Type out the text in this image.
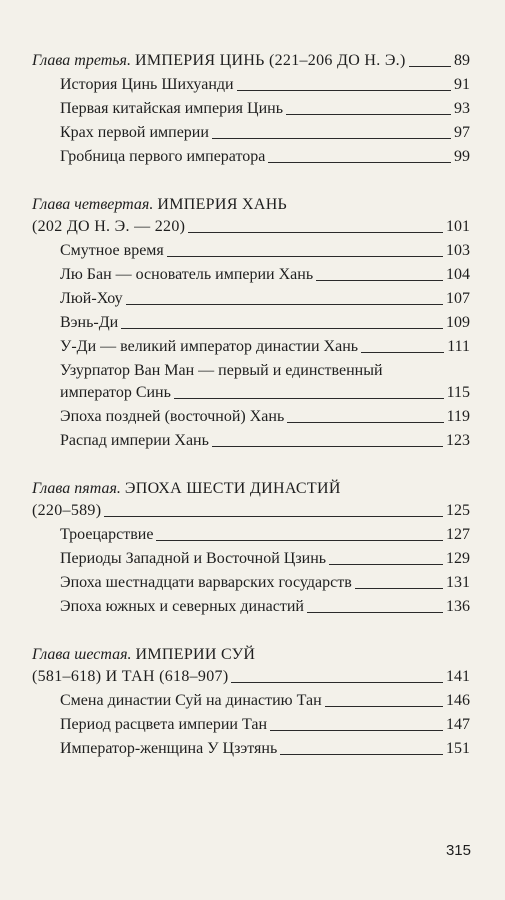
Глава третья. ИМПЕРИЯ ЦИНЬ (221–206 ДО Н. Э.)	89
История Цинь Шихуанди	91
Первая китайская империя Цинь	93
Крах первой империи	97
Гробница первого императора	99
Глава четвертая. ИМПЕРИЯ ХАНЬ
(202 ДО Н. Э. — 220)	101
Смутное время	103
Лю Бан — основатель империи Хань	104
Люй-Хоу	107
Вэнь-Ди	109
У-Ди — великий император династии Хань	111
Узурпатор Ван Ман — первый и единственный
император Синь	115
Эпоха поздней (восточной) Хань	119
Распад империи Хань	123
Глава пятая. ЭПОХА ШЕСТИ ДИНАСТИЙ
(220–589)	125
Троецарствие	127
Периоды Западной и Восточной Цзинь	129
Эпоха шестнадцати варварских государств	131
Эпоха южных и северных династий	136
Глава шестая. ИМПЕРИИ СУЙ
(581–618) И ТАН (618–907)	141
Смена династии Суй на династию Тан	146
Период расцвета империи Тан	147
Император-женщина У Цзэтянь	151
315
